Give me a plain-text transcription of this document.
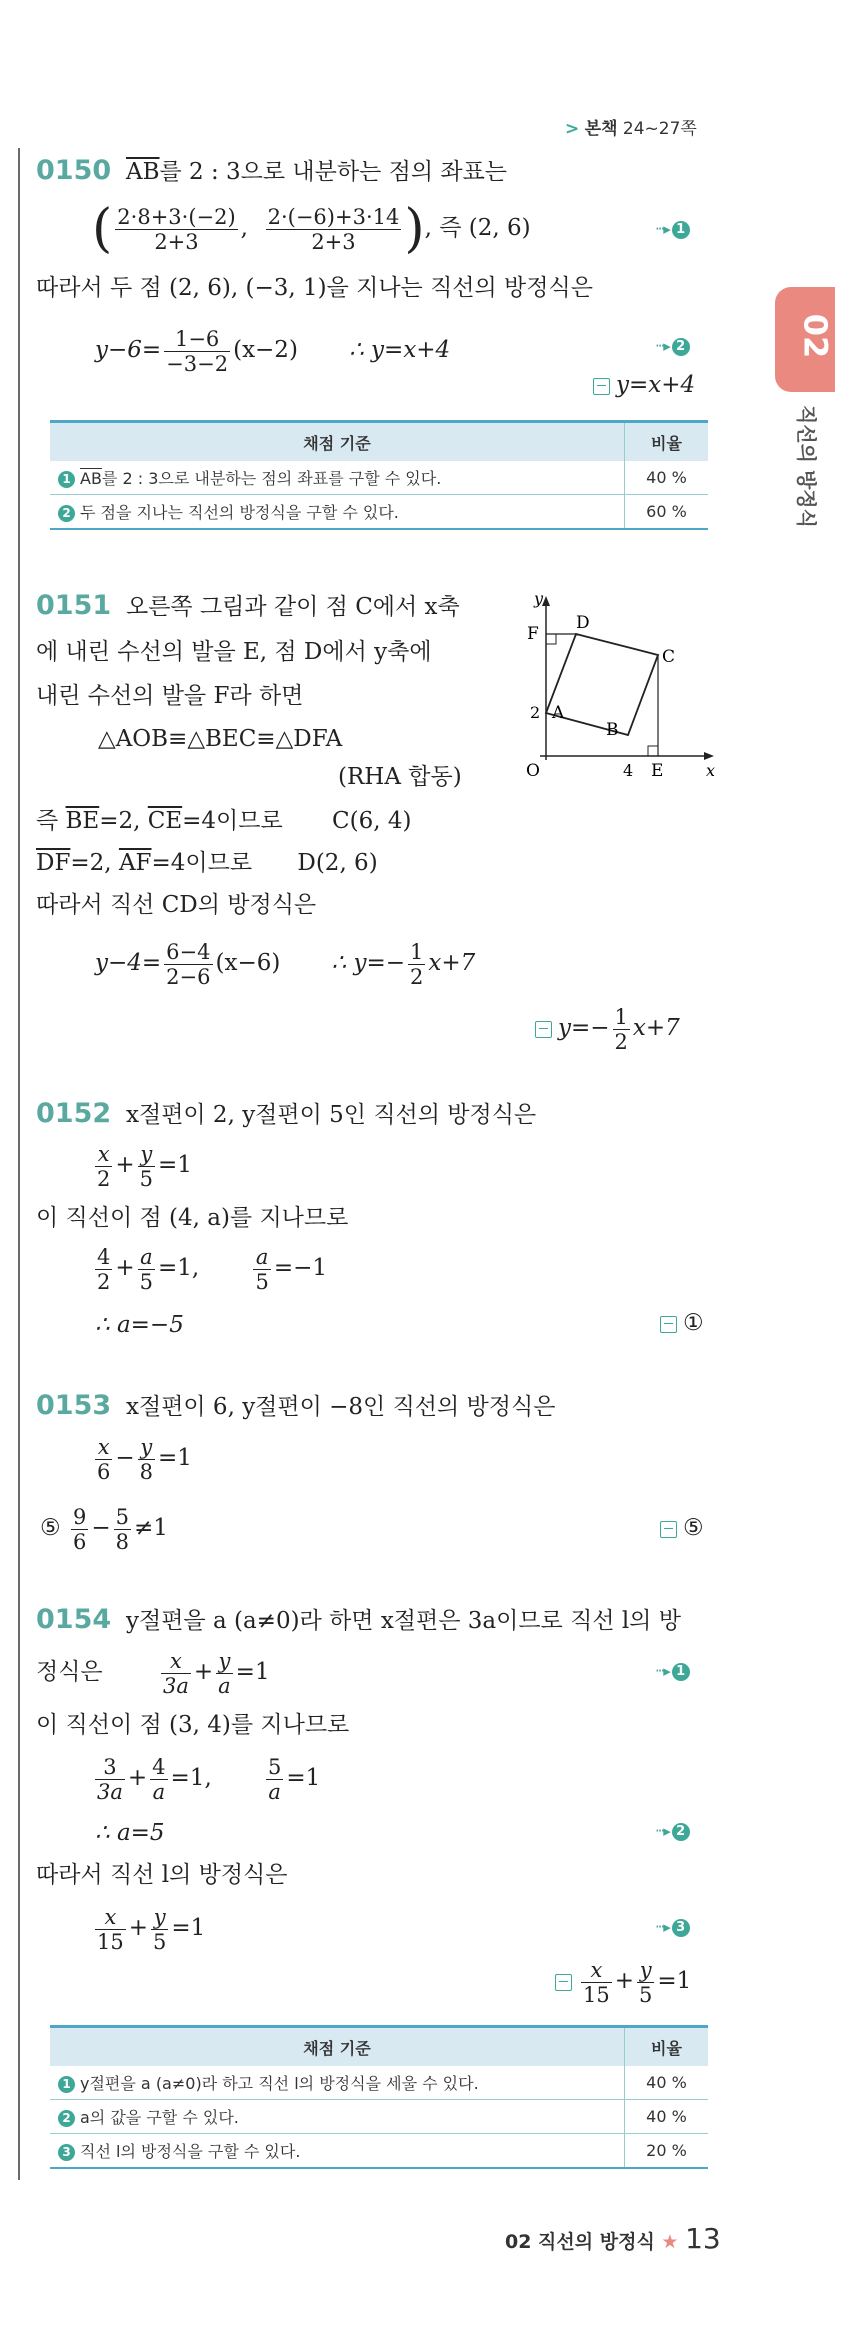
> 본책 24~27쪽
02
직선의 방정식
0150 $\overline{AB}$를 2 : 3으로 내분하는 점의 좌표는
( $\frac{2\cdot 8+3\cdot(-2)}{2+3}$ , $\frac{2\cdot(-6)+3\cdot 14}{2+3}$ ), 즉 (2, 6)	···▸ 1
따라서 두 점 (2, 6), (−3, 1)을 지나는 직선의 방정식은
$y-6= \frac{1-6}{-3-2} (x-2)$ ∴ y=x+4	···▸ 2
y=x+4
채점 기준	비율
1 $\overline{AB}$를 2 : 3으로 내분하는 점의 좌표를 구할 수 있다.	40 %
2 두 점을 지나는 직선의 방정식을 구할 수 있다.	60 %
0151 오른쪽 그림과 같이 점 C에서 x축
에 내린 수선의 발을 E, 점 D에서 y축에
내린 수선의 발을 F라 하면
△AOB≡△BEC≡△DFA
(RHA 합동)
즉 $\overline{BE}=2$, $\overline{CE}=4$이므로 C(6, 4)
$\overline{DF}=2$, $\overline{AF}=4$이므로 D(2, 6)
따라서 직선 CD의 방정식은
$y-4= \frac{6-4}{2-6} (x-6)$ ∴ $y=- \frac{1}{2} x+7$
$y=- \frac{1}{2} x+7$
y
x
D
F
C
A
B
O	E
2
4
0152 x절편이 2, y절편이 5인 직선의 방정식은
$\frac{x}{2} + \frac{y}{5} =1$
이 직선이 점 (4, a)를 지나므로
$\frac{4}{2} + \frac{a}{5} =1$,	$\frac{a}{5} =-1$
∴ a=−5	①
0153 x절편이 6, y절편이 −8인 직선의 방정식은
$\frac{x}{6} - \frac{y}{8} =1$
⑤ $\frac{9}{6} - \frac{5}{8} \ne 1$	⑤
0154 y절편을 a (a≠0)라 하면 x절편은 3a이므로 직선 l의 방
정식은	$\frac{x}{3a} + \frac{y}{a} =1$	···▸ 1
이 직선이 점 (3, 4)를 지나므로
$\frac{3}{3a} + \frac{4}{a} =1$,	$\frac{5}{a} =1$
∴ a=5	···▸ 2
따라서 직선 l의 방정식은
$\frac{x}{15} + \frac{y}{5} =1$	···▸ 3
$\frac{x}{15} + \frac{y}{5} =1$
채점 기준	비율
1 y절편을 a (a≠0)라 하고 직선 l의 방정식을 세울 수 있다.	40 %
2 a의 값을 구할 수 있다.	40 %
3 직선 l의 방정식을 구할 수 있다.	20 %
02 직선의 방정식 ★ 13
